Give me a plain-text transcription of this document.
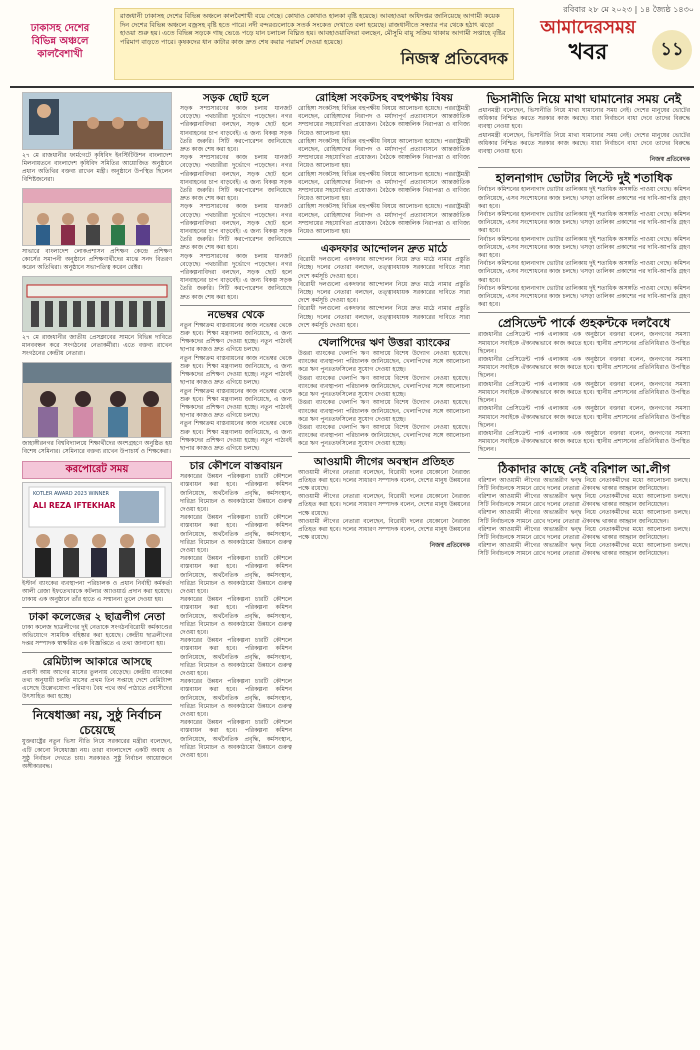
ঢাকাসহ দেশের
বিভিন্ন অঞ্চলে
কালবৈশাখী

রাজধানী ঢাকাসহ দেশের বিভিন্ন অঞ্চলে কালবৈশাখী বয়ে গেছে। কোথাও কোথাও হালকা বৃষ্টি হয়েছে। আবহাওয়া অধিদপ্তর জানিয়েছে আগামী কয়েক দিন দেশের বিভিন্ন অঞ্চলে বজ্রসহ বৃষ্টি হতে পারে। নদী বন্দরগুলোকে সতর্ক সংকেত দেখাতে বলা হয়েছে। রাজধানীতে সন্ধ্যার পর থেকে হঠাৎ ঝড়ো হাওয়া শুরু হয়। এতে বিভিন্ন সড়কে গাছ ভেঙে পড়ে যান চলাচল বিঘ্নিত হয়। আবহাওয়াবিদরা বলছেন, মৌসুমি বায়ু সক্রিয় থাকায় আগামী সপ্তাহে বৃষ্টির পরিমাণ বাড়তে পারে। কৃষকদের ধান কাটার কাজ দ্রুত শেষ করার পরামর্শ দেওয়া হয়েছে।

নিজস্ব প্রতিবেদক
রবিবার ২৮ মে ২০২৩ | ১৪ জ্যৈষ্ঠ ১৪৩০
আমাদেরসময়
খবর	১১
২৭ মে রাজধানীর ফার্মগেটে কৃষিবিদ ইনস্টিটিউশন বাংলাদেশ মিলনায়তনে বাংলাদেশ কৃষিবিদ সমিতির আয়োজিত অনুষ্ঠানে প্রধান অতিথির বক্তব্য রাখেন মন্ত্রী। অনুষ্ঠানে উপস্থিত ছিলেন বিশিষ্টজনেরা।
সাভারে বাংলাদেশ লোকপ্রশাসন প্রশিক্ষণ কেন্দ্রে প্রশিক্ষণ কোর্সের সমাপনী অনুষ্ঠানে প্রশিক্ষণার্থীদের মাঝে সনদ বিতরণ করেন অতিথিরা। অনুষ্ঠানে সভাপতিত্ব করেন রেক্টর।
২৭ মে রাজধানীর জাতীয় প্রেসক্লাবের সামনে বিভিন্ন দাবিতে মানববন্ধন করে সংগঠনের নেতাকর্মীরা। এতে বক্তব্য রাখেন সংগঠনের কেন্দ্রীয় নেতারা।
জাহাঙ্গীরনগর বিশ্ববিদ্যালয়ে শিক্ষার্থীদের অংশগ্রহণে অনুষ্ঠিত হয় বিশেষ সেমিনার। সেমিনারে বক্তব্য রাখেন উপাচার্য ও শিক্ষকেরা।
করপোরেট সময়
KOTLER AWARD 2023 WINNER
ALI REZA IFTEKHAR
ইস্টার্ন ব্যাংকের ব্যবস্থাপনা পরিচালক ও প্রধান নির্বাহী কর্মকর্তা আলী রেজা ইফতেখারকে কটলার অ্যাওয়ার্ড প্রদান করা হয়েছে। ঢাকায় এক অনুষ্ঠানে তাঁর হাতে এ সম্মাননা তুলে দেওয়া হয়।
ঢাকা কলেজের ২ ছাত্রলীগ নেতা
ঢাকা কলেজ ছাত্রলীগের দুই নেতাকে সংগঠনবিরোধী কর্মকাণ্ডের অভিযোগে সাময়িক বহিষ্কার করা হয়েছে। কেন্দ্রীয় ছাত্রলীগের দপ্তর সম্পাদক স্বাক্ষরিত এক বিজ্ঞপ্তিতে এ তথ্য জানানো হয়।
রেমিট্যান্স আকারে আসছে
প্রবাসী আয় আগের মাসের তুলনায় বেড়েছে। কেন্দ্রীয় ব্যাংকের তথ্য অনুযায়ী চলতি মাসের প্রথম তিন সপ্তাহে দেশে রেমিট্যান্স এসেছে উল্লেখযোগ্য পরিমাণ। বৈধ পথে অর্থ পাঠাতে প্রবাসীদের উৎসাহিত করা হচ্ছে।
নিষেধাজ্ঞা নয়, সুষ্ঠু নির্বাচন চেয়েছে
যুক্তরাষ্ট্রের নতুন ভিসা নীতি নিয়ে সরকারের মন্ত্রীরা বলেছেন, এটি কোনো নিষেধাজ্ঞা নয়। তারা বাংলাদেশে একটি অবাধ ও সুষ্ঠু নির্বাচন দেখতে চায়। সরকারও সুষ্ঠু নির্বাচন আয়োজনে অঙ্গীকারবদ্ধ।
সড়ক ছোট হলে
সড়ক সম্প্রসারণের কাজ চলায় যানজট বেড়েছে। পথচারীরা দুর্ভোগে পড়েছেন। নগর পরিকল্পনাবিদরা বলছেন, সড়ক ছোট হলে যানবাহনের চাপ বাড়বেই। এ জন্য বিকল্প সড়ক তৈরি জরুরি। সিটি করপোরেশন জানিয়েছে দ্রুত কাজ শেষ করা হবে।
সড়ক সম্প্রসারণের কাজ চলায় যানজট বেড়েছে। পথচারীরা দুর্ভোগে পড়েছেন। নগর পরিকল্পনাবিদরা বলছেন, সড়ক ছোট হলে যানবাহনের চাপ বাড়বেই। এ জন্য বিকল্প সড়ক তৈরি জরুরি। সিটি করপোরেশন জানিয়েছে দ্রুত কাজ শেষ করা হবে।
সড়ক সম্প্রসারণের কাজ চলায় যানজট বেড়েছে। পথচারীরা দুর্ভোগে পড়েছেন। নগর পরিকল্পনাবিদরা বলছেন, সড়ক ছোট হলে যানবাহনের চাপ বাড়বেই। এ জন্য বিকল্প সড়ক তৈরি জরুরি। সিটি করপোরেশন জানিয়েছে দ্রুত কাজ শেষ করা হবে।
সড়ক সম্প্রসারণের কাজ চলায় যানজট বেড়েছে। পথচারীরা দুর্ভোগে পড়েছেন। নগর পরিকল্পনাবিদরা বলছেন, সড়ক ছোট হলে যানবাহনের চাপ বাড়বেই। এ জন্য বিকল্প সড়ক তৈরি জরুরি। সিটি করপোরেশন জানিয়েছে দ্রুত কাজ শেষ করা হবে।
নভেম্বর থেকে
নতুন শিক্ষাক্রম বাস্তবায়নের কাজ নভেম্বর থেকে শুরু হবে। শিক্ষা মন্ত্রণালয় জানিয়েছে, এ জন্য শিক্ষকদের প্রশিক্ষণ দেওয়া হচ্ছে। নতুন পাঠ্যবই ছাপার কাজও দ্রুত এগিয়ে চলছে।
নতুন শিক্ষাক্রম বাস্তবায়নের কাজ নভেম্বর থেকে শুরু হবে। শিক্ষা মন্ত্রণালয় জানিয়েছে, এ জন্য শিক্ষকদের প্রশিক্ষণ দেওয়া হচ্ছে। নতুন পাঠ্যবই ছাপার কাজও দ্রুত এগিয়ে চলছে।
নতুন শিক্ষাক্রম বাস্তবায়নের কাজ নভেম্বর থেকে শুরু হবে। শিক্ষা মন্ত্রণালয় জানিয়েছে, এ জন্য শিক্ষকদের প্রশিক্ষণ দেওয়া হচ্ছে। নতুন পাঠ্যবই ছাপার কাজও দ্রুত এগিয়ে চলছে।
নতুন শিক্ষাক্রম বাস্তবায়নের কাজ নভেম্বর থেকে শুরু হবে। শিক্ষা মন্ত্রণালয় জানিয়েছে, এ জন্য শিক্ষকদের প্রশিক্ষণ দেওয়া হচ্ছে। নতুন পাঠ্যবই ছাপার কাজও দ্রুত এগিয়ে চলছে।
চার কৌশলে বাস্তবায়ন
সরকারের উন্নয়ন পরিকল্পনা চারটি কৌশলে বাস্তবায়ন করা হবে। পরিকল্পনা কমিশন জানিয়েছে, অর্থনৈতিক প্রবৃদ্ধি, কর্মসংস্থান, দারিদ্র্য বিমোচন ও অবকাঠামো উন্নয়নে গুরুত্ব দেওয়া হবে।
সরকারের উন্নয়ন পরিকল্পনা চারটি কৌশলে বাস্তবায়ন করা হবে। পরিকল্পনা কমিশন জানিয়েছে, অর্থনৈতিক প্রবৃদ্ধি, কর্মসংস্থান, দারিদ্র্য বিমোচন ও অবকাঠামো উন্নয়নে গুরুত্ব দেওয়া হবে।
সরকারের উন্নয়ন পরিকল্পনা চারটি কৌশলে বাস্তবায়ন করা হবে। পরিকল্পনা কমিশন জানিয়েছে, অর্থনৈতিক প্রবৃদ্ধি, কর্মসংস্থান, দারিদ্র্য বিমোচন ও অবকাঠামো উন্নয়নে গুরুত্ব দেওয়া হবে।
সরকারের উন্নয়ন পরিকল্পনা চারটি কৌশলে বাস্তবায়ন করা হবে। পরিকল্পনা কমিশন জানিয়েছে, অর্থনৈতিক প্রবৃদ্ধি, কর্মসংস্থান, দারিদ্র্য বিমোচন ও অবকাঠামো উন্নয়নে গুরুত্ব দেওয়া হবে।
সরকারের উন্নয়ন পরিকল্পনা চারটি কৌশলে বাস্তবায়ন করা হবে। পরিকল্পনা কমিশন জানিয়েছে, অর্থনৈতিক প্রবৃদ্ধি, কর্মসংস্থান, দারিদ্র্য বিমোচন ও অবকাঠামো উন্নয়নে গুরুত্ব দেওয়া হবে।
সরকারের উন্নয়ন পরিকল্পনা চারটি কৌশলে বাস্তবায়ন করা হবে। পরিকল্পনা কমিশন জানিয়েছে, অর্থনৈতিক প্রবৃদ্ধি, কর্মসংস্থান, দারিদ্র্য বিমোচন ও অবকাঠামো উন্নয়নে গুরুত্ব দেওয়া হবে।
সরকারের উন্নয়ন পরিকল্পনা চারটি কৌশলে বাস্তবায়ন করা হবে। পরিকল্পনা কমিশন জানিয়েছে, অর্থনৈতিক প্রবৃদ্ধি, কর্মসংস্থান, দারিদ্র্য বিমোচন ও অবকাঠামো উন্নয়নে গুরুত্ব দেওয়া হবে।
রোহিঙ্গা সংকটসহ বহুপক্ষীয় বিষয়
রোহিঙ্গা সংকটসহ বিভিন্ন বহুপক্ষীয় বিষয়ে আলোচনা হয়েছে। পররাষ্ট্রমন্ত্রী বলেছেন, রোহিঙ্গাদের নিরাপদ ও মর্যাদাপূর্ণ প্রত্যাবাসনে আন্তর্জাতিক সম্প্রদায়ের সহযোগিতা প্রয়োজন। বৈঠকে আঞ্চলিক নিরাপত্তা ও বাণিজ্য নিয়েও আলোচনা হয়।
রোহিঙ্গা সংকটসহ বিভিন্ন বহুপক্ষীয় বিষয়ে আলোচনা হয়েছে। পররাষ্ট্রমন্ত্রী বলেছেন, রোহিঙ্গাদের নিরাপদ ও মর্যাদাপূর্ণ প্রত্যাবাসনে আন্তর্জাতিক সম্প্রদায়ের সহযোগিতা প্রয়োজন। বৈঠকে আঞ্চলিক নিরাপত্তা ও বাণিজ্য নিয়েও আলোচনা হয়।
রোহিঙ্গা সংকটসহ বিভিন্ন বহুপক্ষীয় বিষয়ে আলোচনা হয়েছে। পররাষ্ট্রমন্ত্রী বলেছেন, রোহিঙ্গাদের নিরাপদ ও মর্যাদাপূর্ণ প্রত্যাবাসনে আন্তর্জাতিক সম্প্রদায়ের সহযোগিতা প্রয়োজন। বৈঠকে আঞ্চলিক নিরাপত্তা ও বাণিজ্য নিয়েও আলোচনা হয়।
রোহিঙ্গা সংকটসহ বিভিন্ন বহুপক্ষীয় বিষয়ে আলোচনা হয়েছে। পররাষ্ট্রমন্ত্রী বলেছেন, রোহিঙ্গাদের নিরাপদ ও মর্যাদাপূর্ণ প্রত্যাবাসনে আন্তর্জাতিক সম্প্রদায়ের সহযোগিতা প্রয়োজন। বৈঠকে আঞ্চলিক নিরাপত্তা ও বাণিজ্য নিয়েও আলোচনা হয়।
একদফার আন্দোলন দ্রুত মাঠে
বিরোধী দলগুলো একদফার আন্দোলন নিয়ে দ্রুত মাঠে নামার প্রস্তুতি নিচ্ছে। দলের নেতারা বলছেন, তত্ত্বাবধায়ক সরকারের দাবিতে সারা দেশে কর্মসূচি দেওয়া হবে।
বিরোধী দলগুলো একদফার আন্দোলন নিয়ে দ্রুত মাঠে নামার প্রস্তুতি নিচ্ছে। দলের নেতারা বলছেন, তত্ত্বাবধায়ক সরকারের দাবিতে সারা দেশে কর্মসূচি দেওয়া হবে।
বিরোধী দলগুলো একদফার আন্দোলন নিয়ে দ্রুত মাঠে নামার প্রস্তুতি নিচ্ছে। দলের নেতারা বলছেন, তত্ত্বাবধায়ক সরকারের দাবিতে সারা দেশে কর্মসূচি দেওয়া হবে।
খেলাপিদের ঋণ উত্তরা ব্যাংকের
উত্তরা ব্যাংকের খেলাপি ঋণ আদায়ে বিশেষ উদ্যোগ নেওয়া হয়েছে। ব্যাংকের ব্যবস্থাপনা পরিচালক জানিয়েছেন, খেলাপিদের সঙ্গে আলোচনা করে ঋণ পুনঃতফসিলের সুযোগ দেওয়া হচ্ছে।
উত্তরা ব্যাংকের খেলাপি ঋণ আদায়ে বিশেষ উদ্যোগ নেওয়া হয়েছে। ব্যাংকের ব্যবস্থাপনা পরিচালক জানিয়েছেন, খেলাপিদের সঙ্গে আলোচনা করে ঋণ পুনঃতফসিলের সুযোগ দেওয়া হচ্ছে।
উত্তরা ব্যাংকের খেলাপি ঋণ আদায়ে বিশেষ উদ্যোগ নেওয়া হয়েছে। ব্যাংকের ব্যবস্থাপনা পরিচালক জানিয়েছেন, খেলাপিদের সঙ্গে আলোচনা করে ঋণ পুনঃতফসিলের সুযোগ দেওয়া হচ্ছে।
উত্তরা ব্যাংকের খেলাপি ঋণ আদায়ে বিশেষ উদ্যোগ নেওয়া হয়েছে। ব্যাংকের ব্যবস্থাপনা পরিচালক জানিয়েছেন, খেলাপিদের সঙ্গে আলোচনা করে ঋণ পুনঃতফসিলের সুযোগ দেওয়া হচ্ছে।
আওয়ামী লীগের অবস্থান প্রতিহত
আওয়ামী লীগের নেতারা বলেছেন, বিরোধী দলের যেকোনো নৈরাজ্য প্রতিহত করা হবে। দলের সাধারণ সম্পাদক বলেন, দেশের মানুষ উন্নয়নের পক্ষে রয়েছে।
আওয়ামী লীগের নেতারা বলেছেন, বিরোধী দলের যেকোনো নৈরাজ্য প্রতিহত করা হবে। দলের সাধারণ সম্পাদক বলেন, দেশের মানুষ উন্নয়নের পক্ষে রয়েছে।
আওয়ামী লীগের নেতারা বলেছেন, বিরোধী দলের যেকোনো নৈরাজ্য প্রতিহত করা হবে। দলের সাধারণ সম্পাদক বলেন, দেশের মানুষ উন্নয়নের পক্ষে রয়েছে।
নিজস্ব প্রতিবেদক
ভিসানীতি নিয়ে মাথা ঘামানোর সময় নেই
প্রধানমন্ত্রী বলেছেন, ভিসানীতি নিয়ে মাথা ঘামানোর সময় নেই। দেশের মানুষের ভোটের অধিকার নিশ্চিত করতে সরকার কাজ করছে। যারা নির্বাচনে বাধা দেবে তাদের বিরুদ্ধে ব্যবস্থা নেওয়া হবে।
প্রধানমন্ত্রী বলেছেন, ভিসানীতি নিয়ে মাথা ঘামানোর সময় নেই। দেশের মানুষের ভোটের অধিকার নিশ্চিত করতে সরকার কাজ করছে। যারা নির্বাচনে বাধা দেবে তাদের বিরুদ্ধে ব্যবস্থা নেওয়া হবে।
নিজস্ব প্রতিবেদক
হালনাগাদ ভোটার লিস্টে দুই শতাধিক
নির্বাচন কমিশনের হালনাগাদ ভোটার তালিকায় দুই শতাধিক অসঙ্গতি পাওয়া গেছে। কমিশন জানিয়েছে, এসব সংশোধনের কাজ চলছে। খসড়া তালিকা প্রকাশের পর দাবি-আপত্তি গ্রহণ করা হবে।
নির্বাচন কমিশনের হালনাগাদ ভোটার তালিকায় দুই শতাধিক অসঙ্গতি পাওয়া গেছে। কমিশন জানিয়েছে, এসব সংশোধনের কাজ চলছে। খসড়া তালিকা প্রকাশের পর দাবি-আপত্তি গ্রহণ করা হবে।
নির্বাচন কমিশনের হালনাগাদ ভোটার তালিকায় দুই শতাধিক অসঙ্গতি পাওয়া গেছে। কমিশন জানিয়েছে, এসব সংশোধনের কাজ চলছে। খসড়া তালিকা প্রকাশের পর দাবি-আপত্তি গ্রহণ করা হবে।
নির্বাচন কমিশনের হালনাগাদ ভোটার তালিকায় দুই শতাধিক অসঙ্গতি পাওয়া গেছে। কমিশন জানিয়েছে, এসব সংশোধনের কাজ চলছে। খসড়া তালিকা প্রকাশের পর দাবি-আপত্তি গ্রহণ করা হবে।
নির্বাচন কমিশনের হালনাগাদ ভোটার তালিকায় দুই শতাধিক অসঙ্গতি পাওয়া গেছে। কমিশন জানিয়েছে, এসব সংশোধনের কাজ চলছে। খসড়া তালিকা প্রকাশের পর দাবি-আপত্তি গ্রহণ করা হবে।
প্রেসিডেন্ট পার্কে গুহকন্টকে দলবৈধে
রাজধানীর প্রেসিডেন্ট পার্ক এলাকায় এক অনুষ্ঠানে বক্তারা বলেন, জনগণের সমস্যা সমাধানে সবাইকে ঐক্যবদ্ধভাবে কাজ করতে হবে। স্থানীয় প্রশাসনের প্রতিনিধিরাও উপস্থিত ছিলেন।
রাজধানীর প্রেসিডেন্ট পার্ক এলাকায় এক অনুষ্ঠানে বক্তারা বলেন, জনগণের সমস্যা সমাধানে সবাইকে ঐক্যবদ্ধভাবে কাজ করতে হবে। স্থানীয় প্রশাসনের প্রতিনিধিরাও উপস্থিত ছিলেন।
রাজধানীর প্রেসিডেন্ট পার্ক এলাকায় এক অনুষ্ঠানে বক্তারা বলেন, জনগণের সমস্যা সমাধানে সবাইকে ঐক্যবদ্ধভাবে কাজ করতে হবে। স্থানীয় প্রশাসনের প্রতিনিধিরাও উপস্থিত ছিলেন।
রাজধানীর প্রেসিডেন্ট পার্ক এলাকায় এক অনুষ্ঠানে বক্তারা বলেন, জনগণের সমস্যা সমাধানে সবাইকে ঐক্যবদ্ধভাবে কাজ করতে হবে। স্থানীয় প্রশাসনের প্রতিনিধিরাও উপস্থিত ছিলেন।
রাজধানীর প্রেসিডেন্ট পার্ক এলাকায় এক অনুষ্ঠানে বক্তারা বলেন, জনগণের সমস্যা সমাধানে সবাইকে ঐক্যবদ্ধভাবে কাজ করতে হবে। স্থানীয় প্রশাসনের প্রতিনিধিরাও উপস্থিত ছিলেন।
ঠিকাদার কাছে নেই বরিশাল আ.লীগ
বরিশাল আওয়ামী লীগের অভ্যন্তরীণ দ্বন্দ্ব নিয়ে নেতাকর্মীদের মধ্যে আলোচনা চলছে। সিটি নির্বাচনকে সামনে রেখে দলের নেতারা ঐক্যবদ্ধ থাকার আহ্বান জানিয়েছেন।
বরিশাল আওয়ামী লীগের অভ্যন্তরীণ দ্বন্দ্ব নিয়ে নেতাকর্মীদের মধ্যে আলোচনা চলছে। সিটি নির্বাচনকে সামনে রেখে দলের নেতারা ঐক্যবদ্ধ থাকার আহ্বান জানিয়েছেন।
বরিশাল আওয়ামী লীগের অভ্যন্তরীণ দ্বন্দ্ব নিয়ে নেতাকর্মীদের মধ্যে আলোচনা চলছে। সিটি নির্বাচনকে সামনে রেখে দলের নেতারা ঐক্যবদ্ধ থাকার আহ্বান জানিয়েছেন।
বরিশাল আওয়ামী লীগের অভ্যন্তরীণ দ্বন্দ্ব নিয়ে নেতাকর্মীদের মধ্যে আলোচনা চলছে। সিটি নির্বাচনকে সামনে রেখে দলের নেতারা ঐক্যবদ্ধ থাকার আহ্বান জানিয়েছেন।
বরিশাল আওয়ামী লীগের অভ্যন্তরীণ দ্বন্দ্ব নিয়ে নেতাকর্মীদের মধ্যে আলোচনা চলছে। সিটি নির্বাচনকে সামনে রেখে দলের নেতারা ঐক্যবদ্ধ থাকার আহ্বান জানিয়েছেন।
